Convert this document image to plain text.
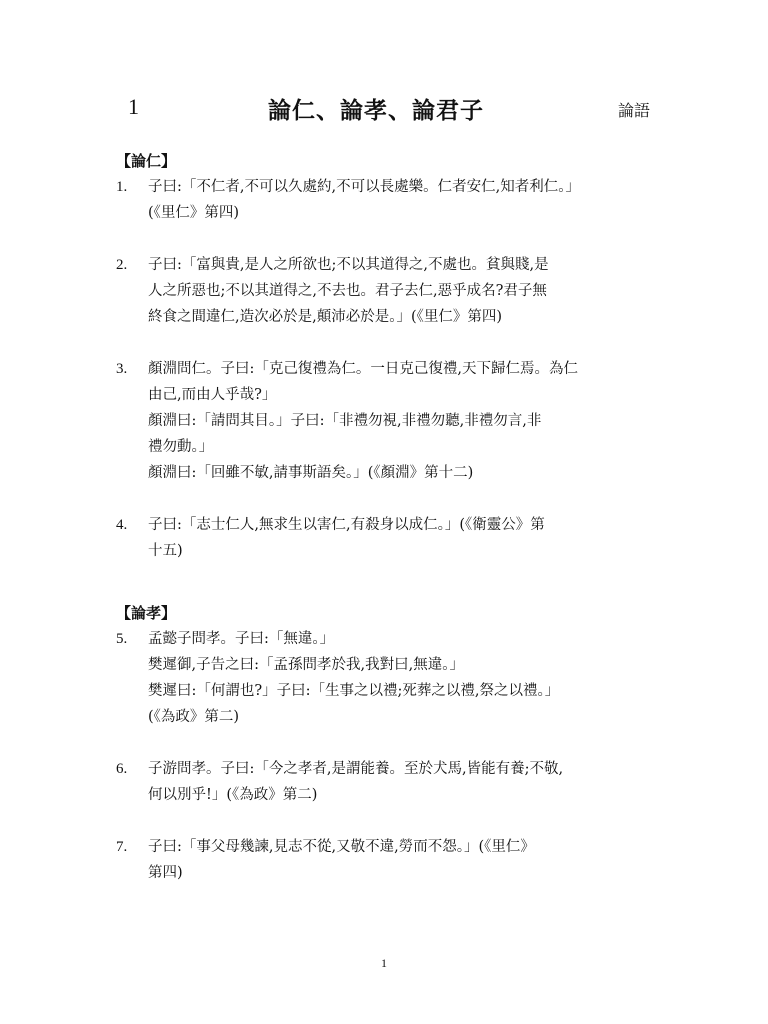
1	論仁、論孝、論君子	論語
【論仁】
1. 子曰:「不仁者,不可以久處約,不可以長處樂。仁者安仁,知者利仁。」
(《里仁》第四)
2. 子曰:「富與貴,是人之所欲也;不以其道得之,不處也。貧與賤,是
人之所惡也;不以其道得之,不去也。君子去仁,惡乎成名?君子無
終食之間違仁,造次必於是,顛沛必於是。」(《里仁》第四)
3. 顏淵問仁。子曰:「克己復禮為仁。一日克己復禮,天下歸仁焉。為仁
由己,而由人乎哉?」
顏淵曰:「請問其目。」子曰:「非禮勿視,非禮勿聽,非禮勿言,非
禮勿動。」
顏淵曰:「回雖不敏,請事斯語矣。」(《顏淵》第十二)
4. 子曰:「志士仁人,無求生以害仁,有殺身以成仁。」(《衛靈公》第
十五)
【論孝】
5. 孟懿子問孝。子曰:「無違。」
樊遲御,子告之曰:「孟孫問孝於我,我對曰,無違。」
樊遲曰:「何謂也?」子曰:「生事之以禮;死葬之以禮,祭之以禮。」
(《為政》第二)
6. 子游問孝。子曰:「今之孝者,是謂能養。至於犬馬,皆能有養;不敬,
何以別乎!」(《為政》第二)
7. 子曰:「事父母幾諫,見志不從,又敬不違,勞而不怨。」(《里仁》
第四)
1
